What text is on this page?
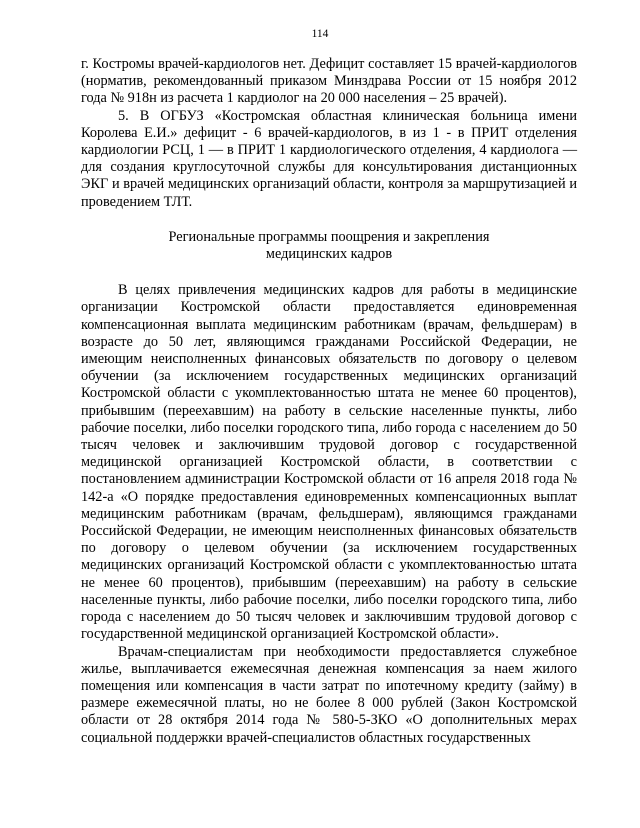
114

г. Костромы врачей-кардиологов нет. Дефицит составляет 15 врачей-кардиологов (норматив, рекомендованный приказом Минздрава России от 15 ноября 2012 года № 918н из расчета 1 кардиолог на 20 000 населения – 25 врачей).

5. В ОГБУЗ «Костромская областная клиническая больница имени Королева Е.И.» дефицит - 6 врачей-кардиологов, в из 1 - в ПРИТ отделения кардиологии РСЦ, 1 — в ПРИТ 1 кардиологического отделения, 4 кардиолога — для создания круглосуточной службы для консультирования дистанционных ЭКГ и врачей медицинских организаций области, контроля за маршрутизацией и проведением ТЛТ.

Региональные программы поощрения и закрепления
медицинских кадров

В целях привлечения медицинских кадров для работы в медицинские организации Костромской области предоставляется единовременная компенсационная выплата медицинским работникам (врачам, фельдшерам) в возрасте до 50 лет, являющимся гражданами Российской Федерации, не имеющим неисполненных финансовых обязательств по договору о целевом обучении (за исключением государственных медицинских организаций Костромской области с укомплектованностью штата не менее 60 процентов), прибывшим (переехавшим) на работу в сельские населенные пункты, либо рабочие поселки, либо поселки городского типа, либо города с населением до 50 тысяч человек и заключившим трудовой договор с государственной медицинской организацией Костромской области, в соответствии с постановлением администрации Костромской области от 16 апреля 2018 года № 142-а «О порядке предоставления единовременных компенсационных выплат медицинским работникам (врачам, фельдшерам), являющимся гражданами Российской Федерации, не имеющим неисполненных финансовых обязательств по договору о целевом обучении (за исключением государственных медицинских организаций Костромской области с укомплектованностью штата не менее 60 процентов), прибывшим (переехавшим) на работу в сельские населенные пункты, либо рабочие поселки, либо поселки городского типа, либо города с населением до 50 тысяч человек и заключившим трудовой договор с государственной медицинской организацией Костромской области».

Врачам-специалистам при необходимости предоставляется служебное жилье, выплачивается ежемесячная денежная компенсация за наем жилого помещения или компенсация в части затрат по ипотечному кредиту (займу) в размере ежемесячной платы, но не более 8 000 рублей (Закон Костромской области от 28 октября 2014 года № 580-5-ЗКО «О дополнительных мерах социальной поддержки врачей-специалистов областных государственных
